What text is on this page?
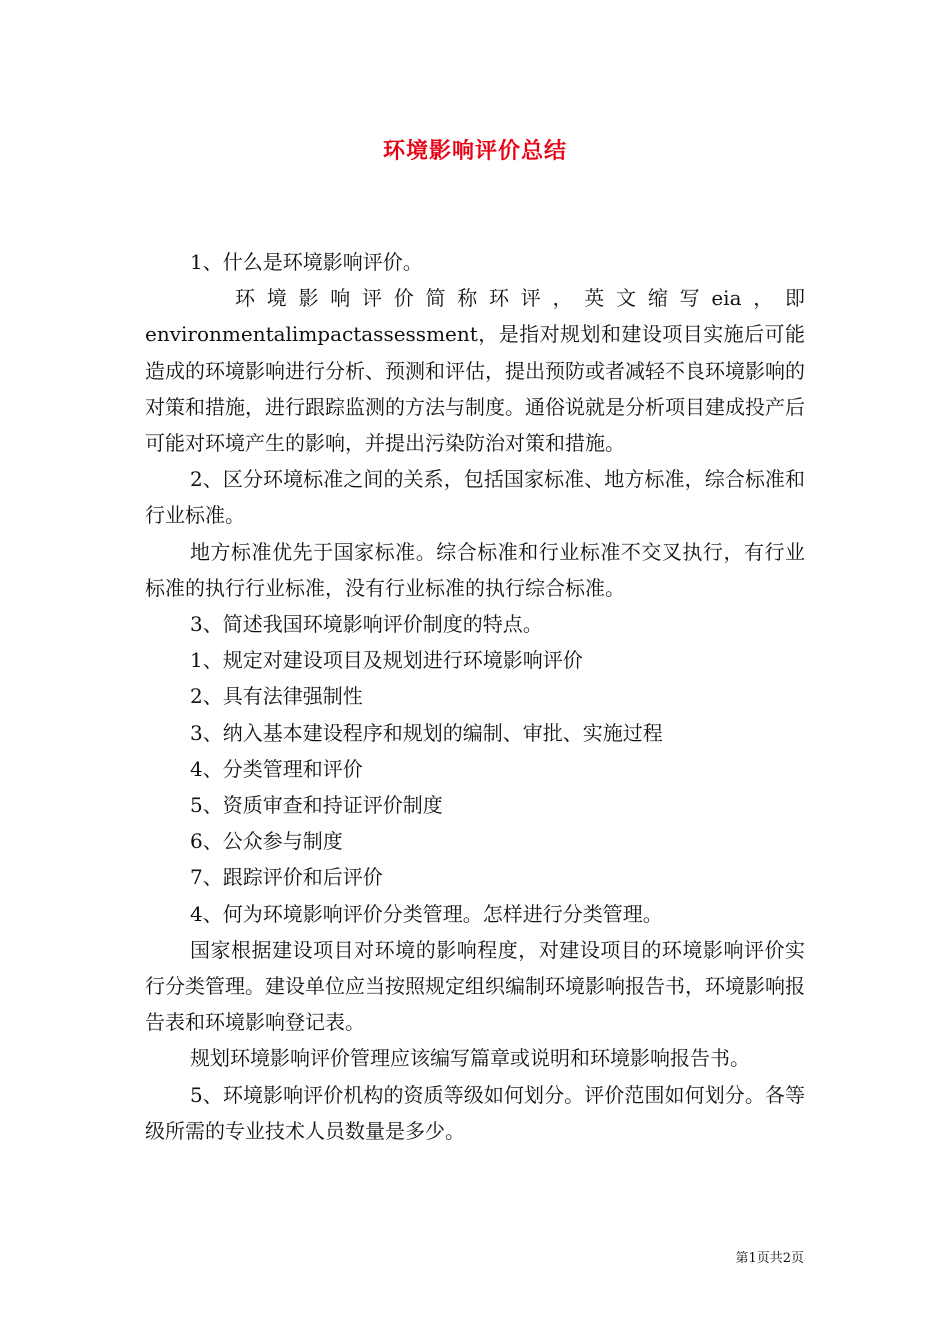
环境影响评价总结

1、什么是环境影响评价。

环境影响评价简称环评，英文缩写eia，即environmentalimpactassessment，是指对规划和建设项目实施后可能造成的环境影响进行分析、预测和评估，提出预防或者减轻不良环境影响的对策和措施，进行跟踪监测的方法与制度。通俗说就是分析项目建成投产后可能对环境产生的影响，并提出污染防治对策和措施。

2、区分环境标准之间的关系，包括国家标准、地方标准，综合标准和行业标准。

地方标准优先于国家标准。综合标准和行业标准不交叉执行，有行业标准的执行行业标准，没有行业标准的执行综合标准。

3、简述我国环境影响评价制度的特点。

1、规定对建设项目及规划进行环境影响评价

2、具有法律强制性

3、纳入基本建设程序和规划的编制、审批、实施过程

4、分类管理和评价

5、资质审查和持证评价制度

6、公众参与制度

7、跟踪评价和后评价

4、何为环境影响评价分类管理。怎样进行分类管理。

国家根据建设项目对环境的影响程度，对建设项目的环境影响评价实行分类管理。建设单位应当按照规定组织编制环境影响报告书，环境影响报告表和环境影响登记表。

规划环境影响评价管理应该编写篇章或说明和环境影响报告书。

5、环境影响评价机构的资质等级如何划分。评价范围如何划分。各等级所需的专业技术人员数量是多少。

第1页共2页
